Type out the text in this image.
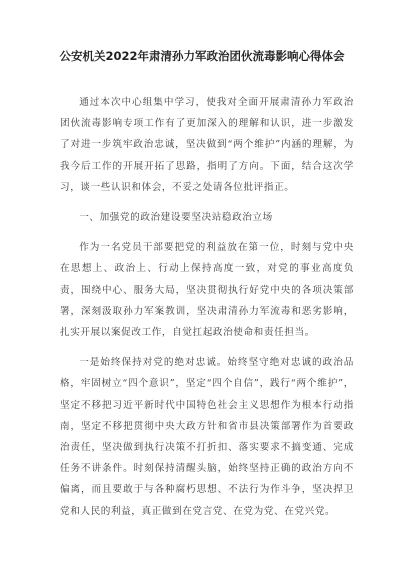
公安机关2022年肃清孙力军政治团伙流毒影响心得体会

通过本次中心组集中学习，使我对全面开展肃清孙力军政治团伙流毒影响专项工作有了更加深入的理解和认识，进一步激发了对进一步筑牢政治忠诚，坚决做到“两个维护”内涵的理解，为我今后工作的开展开拓了思路，指明了方向。下面，结合这次学习，谈一些认识和体会，不妥之处请各位批评指正。

一、加强党的政治建设要坚决站稳政治立场

作为一名党员干部要把党的利益放在第一位，时刻与党中央在思想上、政治上、行动上保持高度一致，对党的事业高度负责，围绕中心、服务大局，坚决贯彻执行好党中央的各项决策部署，深刻汲取孙力军案教训，坚决肃清孙力军流毒和恶劣影响，扎实开展以案促改工作，自觉扛起政治使命和责任担当。

一是始终保持对党的绝对忠诚。始终坚守绝对忠诚的政治品格，牢固树立“四个意识”，坚定“四个自信”，践行“两个维护”，坚定不移把习近平新时代中国特色社会主义思想作为根本行动指南，坚定不移把贯彻中央大政方针和省市县决策部署作为首要政治责任，坚决做到执行决策不打折扣、落实要求不搞变通、完成任务不讲条件。时刻保持清醒头脑，始终坚持正确的政治方向不偏离，而且要敢于与各种腐朽思想、不法行为作斗争，坚决捍卫党和人民的利益，真正做到在党言党、在党为党、在党兴党。
